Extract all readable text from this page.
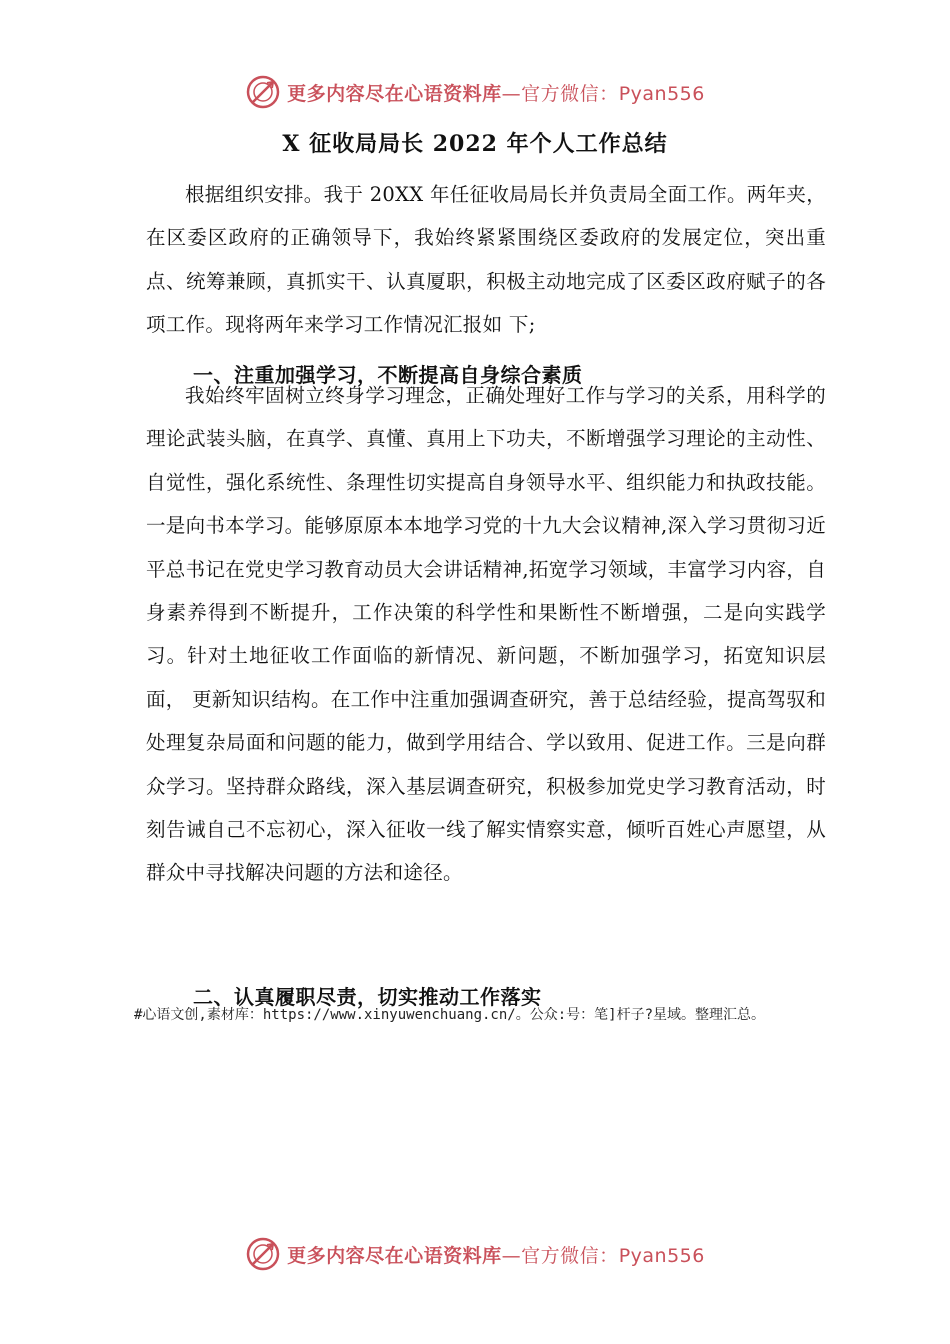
更多内容尽在心语资料库—官方微信：Pyan556
X 征收局局长 2022 年个人工作总结

根据组织安排。我于 20XX 年任征收局局长并负责局全面工作。两年夹，在区委区政府的正确领导下，我始终紧紧围绕区委政府的发展定位，突出重点、统筹兼顾，真抓实干、认真厦职，积极主动地完成了区委区政府赋子的各项工作。现将两年来学习工作情况汇报如 下;

一、注重加强学习，不断提高自身综合素质

我始终牢固树立终身学习理念，正确处理好工作与学习的关系，用科学的理论武装头脑，在真学、真懂、真用上下功夫，不断增强学习理论的主动性、自觉性，强化系统性、条理性切实提高自身领导水平、组织能力和执政技能。一是向书本学习。能够原原本本地学习党的十九大会议精神,深入学习贯彻习近平总书记在党史学习教育动员大会讲话精神,拓宽学习领域，丰富学习内容，自身素养得到不断提升，工作决策的科学性和果断性不断增强，二是向实践学习。针对土地征收工作面临的新情况、新问题，不断加强学习，拓宽知识层面， 更新知识结构。在工作中注重加强调查研究，善于总结经验，提高驾驭和处理复杂局面和问题的能力，做到学用结合、学以致用、促进工作。三是向群众学习。坚持群众路线，深入基层调查研究，积极参加党史学习教育活动，时刻告诫自己不忘初心，深入征收一线了解实情察实意，倾听百姓心声愿望，从群众中寻找解决问题的方法和途径。

二、认真履职尽责，切实推动工作落实

#心语文创,素材库：https://www.xinyuwenchuang.cn/。公众:号：笔]杆子?星域。整理汇总。

更多内容尽在心语资料库—官方微信：Pyan556
